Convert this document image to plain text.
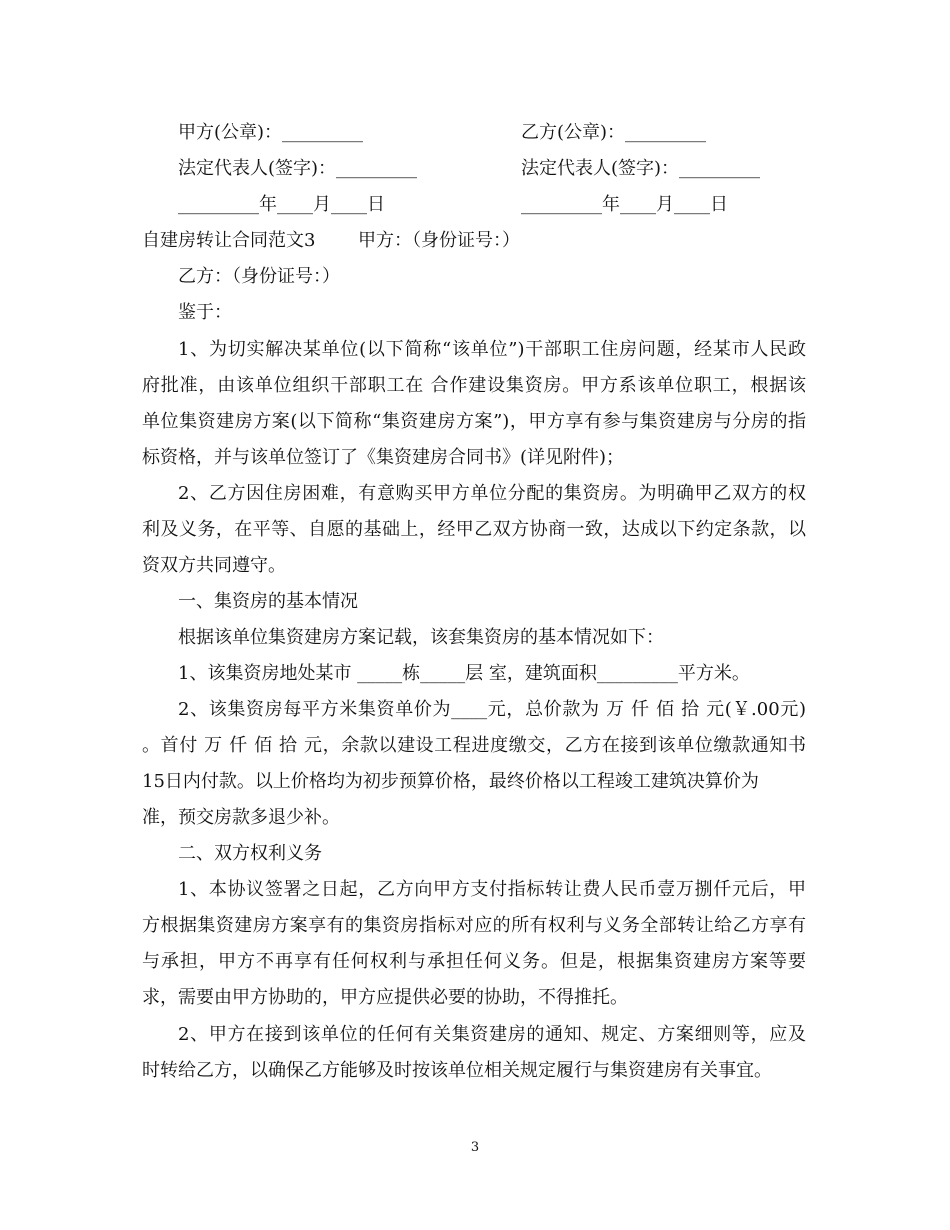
甲方(公章)：_________	乙方(公章)：_________
法定代表人(签字)：_________	法定代表人(签字)：_________
_________年____月____日	_________年____月____日
自建房转让合同范文3 甲方：（身份证号：）
乙方：（身份证号：）
鉴于：
1、为切实解决某单位(以下简称“该单位”)干部职工住房问题，经某市人民政
府批准，由该单位组织干部职工在 合作建设集资房。甲方系该单位职工，根据该
单位集资建房方案(以下简称“集资建房方案”)，甲方享有参与集资建房与分房的指
标资格，并与该单位签订了《集资建房合同书》(详见附件)；
2、乙方因住房困难，有意购买甲方单位分配的集资房。为明确甲乙双方的权
利及义务，在平等、自愿的基础上，经甲乙双方协商一致，达成以下约定条款，以
资双方共同遵守。
一、集资房的基本情况
根据该单位集资建房方案记载，该套集资房的基本情况如下：
1、该集资房地处某市 _____栋_____层 室，建筑面积_________平方米。
2、该集资房每平方米集资单价为____元，总价款为 万 仟 佰 拾 元(￥.00元)
。首付 万 仟 佰 拾 元，余款以建设工程进度缴交，乙方在接到该单位缴款通知书
15日内付款。以上价格均为初步预算价格，最终价格以工程竣工建筑决算价为
准，预交房款多退少补。
二、双方权利义务
1、本协议签署之日起，乙方向甲方支付指标转让费人民币壹万捌仟元后，甲
方根据集资建房方案享有的集资房指标对应的所有权利与义务全部转让给乙方享有
与承担，甲方不再享有任何权利与承担任何义务。但是，根据集资建房方案等要
求，需要由甲方协助的，甲方应提供必要的协助，不得推托。
2、甲方在接到该单位的任何有关集资建房的通知、规定、方案细则等，应及
时转给乙方，以确保乙方能够及时按该单位相关规定履行与集资建房有关事宜。
3
